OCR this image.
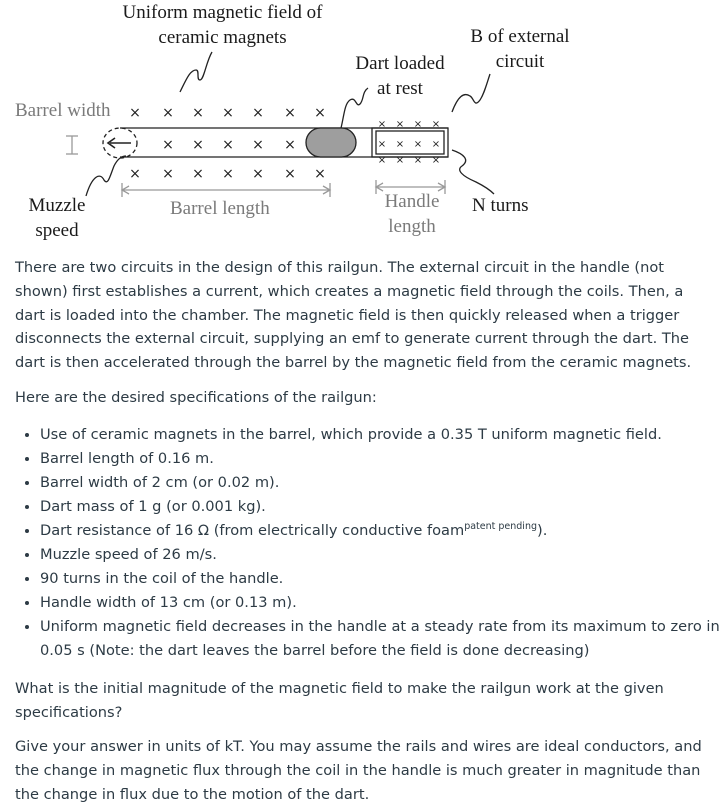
× × × × × × ×
× × × × ×
× × × × × × ×
× × × ×
× × × ×
× × × ×
Uniform magnetic field of
ceramic magnets	B of external
circuit
Dart loaded
at rest
Barrel width
Muzzle
speed
Barrel length	Handle
length
N turns

There are two circuits in the design of this railgun. The external circuit in the handle (not shown) first establishes a current, which creates a magnetic field through the coils. Then, a dart is loaded into the chamber. The magnetic field is then quickly released when a trigger disconnects the external circuit, supplying an emf to generate current through the dart. The dart is then accelerated through the barrel by the magnetic field from the ceramic magnets.

Here are the desired specifications of the railgun:

• Use of ceramic magnets in the barrel, which provide a 0.35 T uniform magnetic field.
• Barrel length of 0.16 m.
• Barrel width of 2 cm (or 0.02 m).
• Dart mass of 1 g (or 0.001 kg).
• Dart resistance of 16 Ω (from electrically conductive foam$^{patent pending}$).
• Muzzle speed of 26 m/s.
• 90 turns in the coil of the handle.
• Handle width of 13 cm (or 0.13 m).
• Uniform magnetic field decreases in the handle at a steady rate from its maximum to zero in 0.05 s (Note: the dart leaves the barrel before the field is done decreasing)

What is the initial magnitude of the magnetic field to make the railgun work at the given specifications?

Give your answer in units of kT. You may assume the rails and wires are ideal conductors, and the change in magnetic flux through the coil in the handle is much greater in magnitude than the change in flux due to the motion of the dart.
